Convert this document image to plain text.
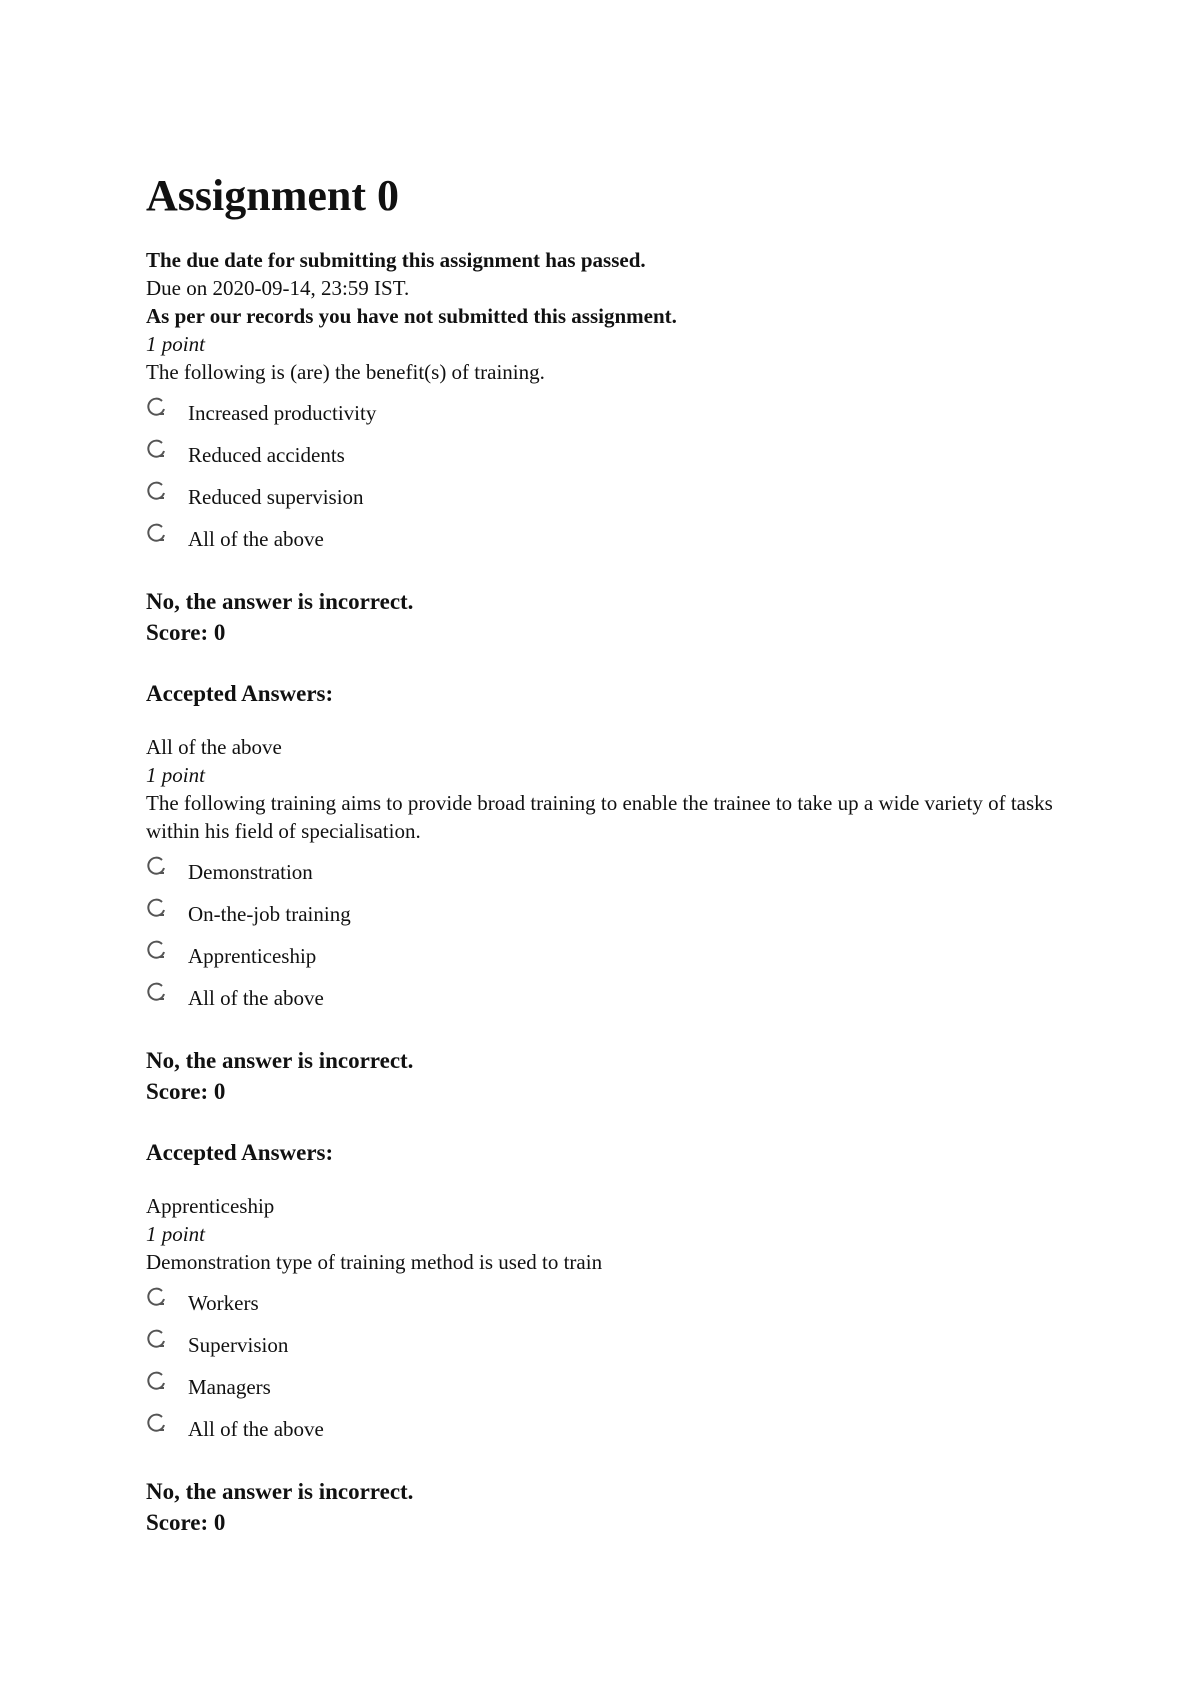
Assignment 0
The due date for submitting this assignment has passed.
Due on 2020-09-14, 23:59 IST.
As per our records you have not submitted this assignment.
1 point
The following is (are) the benefit(s) of training.
Increased productivity
Reduced accidents
Reduced supervision
All of the above
No, the answer is incorrect.
Score: 0
Accepted Answers:
All of the above
1 point
The following training aims to provide broad training to enable the trainee to take up a wide variety of tasks within his field of specialisation.
Demonstration
On-the-job training
Apprenticeship
All of the above
No, the answer is incorrect.
Score: 0
Accepted Answers:
Apprenticeship
1 point
Demonstration type of training method is used to train
Workers
Supervision
Managers
All of the above
No, the answer is incorrect.
Score: 0
